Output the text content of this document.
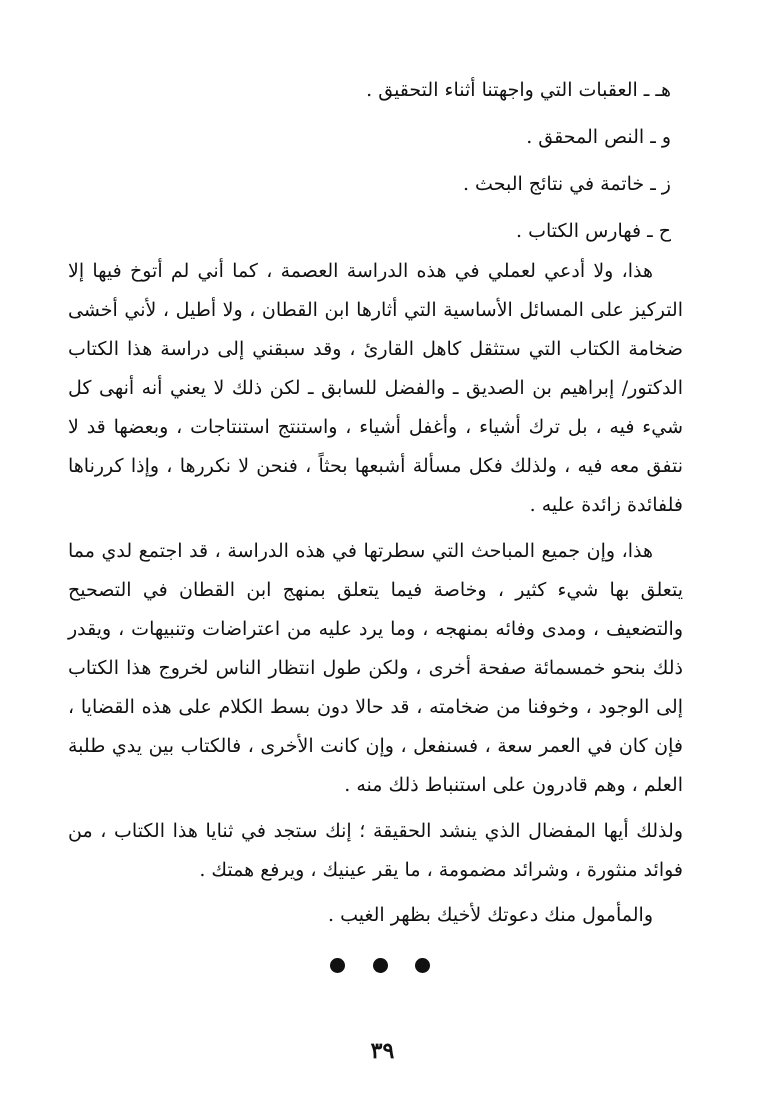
هـ ـ العقبات التي واجهتنا أثناء التحقيق .
و ـ النص المحقق .
ز ـ خاتمة في نتائج البحث .
ح ـ فهارس الكتاب .
هذا، ولا أدعي لعملي في هذه الدراسة العصمة ، كما أني لم أتوخ فيها إلا التركيز على المسائل الأساسية التي أثارها ابن القطان ، ولا أطيل ، لأني أخشى ضخامة الكتاب التي ستثقل كاهل القارئ ، وقد سبقني إلى دراسة هذا الكتاب الدكتور/ إبراهيم بن الصديق ـ والفضل للسابق ـ لكن ذلك لا يعني أنه أنهى كل شيء فيه ، بل ترك أشياء ، وأغفل أشياء ، واستنتج استنتاجات ، وبعضها قد لا نتفق معه فيه ، ولذلك فكل مسألة أشبعها بحثاً ، فنحن لا نكررها ، وإذا كررناها فلفائدة زائدة عليه .
هذا، وإن جميع المباحث التي سطرتها في هذه الدراسة ، قد اجتمع لدي مما يتعلق بها شيء كثير ، وخاصة فيما يتعلق بمنهج ابن القطان في التصحيح والتضعيف ، ومدى وفائه بمنهجه ، وما يرد عليه من اعتراضات وتنبيهات ، ويقدر ذلك بنحو خمسمائة صفحة أخرى ، ولكن طول انتظار الناس لخروج هذا الكتاب إلى الوجود ، وخوفنا من ضخامته ، قد حالا دون بسط الكلام على هذه القضايا ، فإن كان في العمر سعة ، فسنفعل ، وإن كانت الأخرى ، فالكتاب بين يدي طلبة العلم ، وهم قادرون على استنباط ذلك منه .
ولذلك أيها المفضال الذي ينشد الحقيقة ؛ إنك ستجد في ثنايا هذا الكتاب ، من فوائد منثورة ، وشرائد مضمومة ، ما يقر عينيك ، ويرفع همتك .
والمأمول منك دعوتك لأخيك بظهر الغيب .
٣٩
